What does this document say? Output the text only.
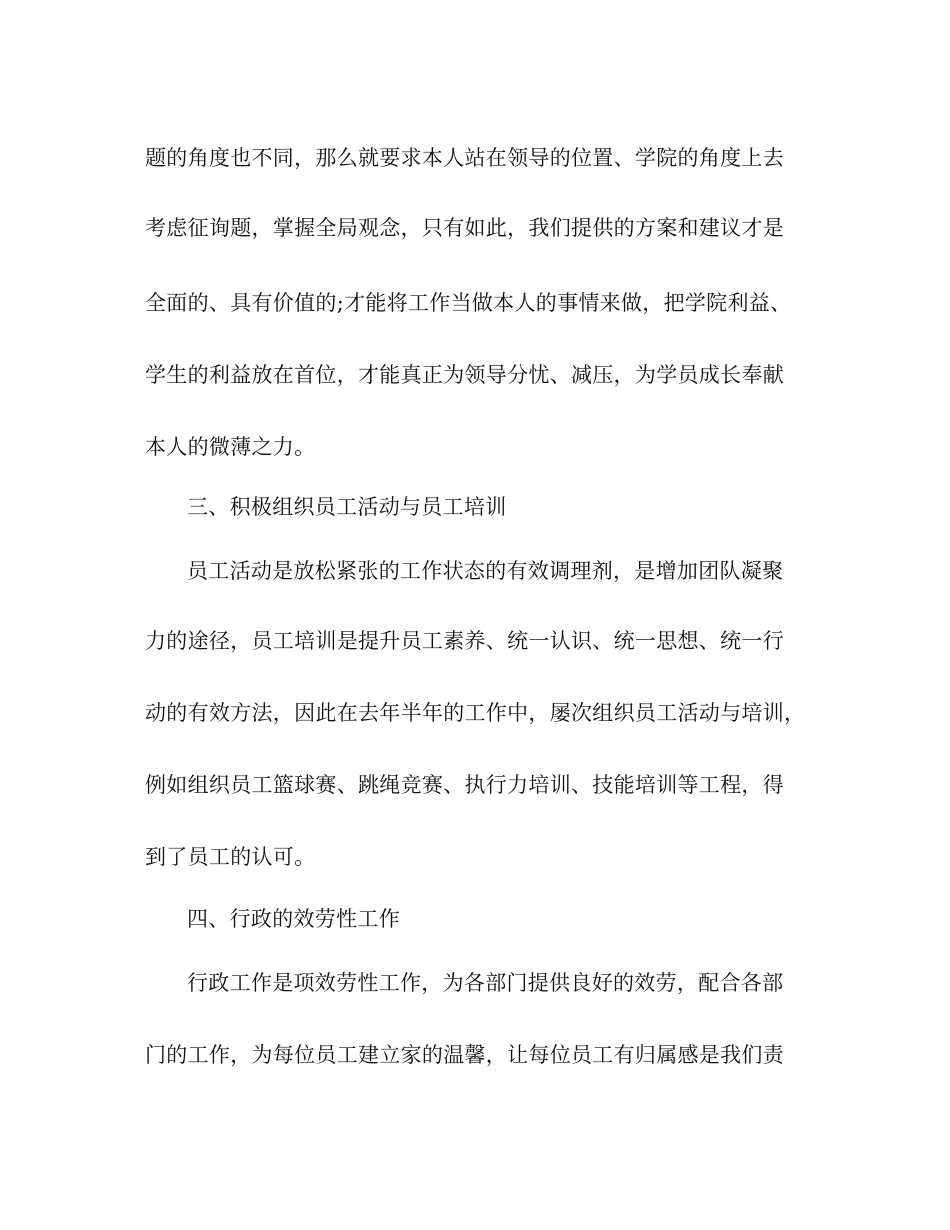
题的角度也不同，那么就要求本人站在领导的位置、学院的角度上去
考虑征询题，掌握全局观念，只有如此，我们提供的方案和建议才是
全面的、具有价值的;才能将工作当做本人的事情来做，把学院利益、
学生的利益放在首位，才能真正为领导分忧、减压，为学员成长奉献
本人的微薄之力。
三、积极组织员工活动与员工培训
员工活动是放松紧张的工作状态的有效调理剂，是增加团队凝聚
力的途径，员工培训是提升员工素养、统一认识、统一思想、统一行
动的有效方法，因此在去年半年的工作中，屡次组织员工活动与培训，
例如组织员工篮球赛、跳绳竞赛、执行力培训、技能培训等工程，得
到了员工的认可。
四、行政的效劳性工作
行政工作是项效劳性工作，为各部门提供良好的效劳，配合各部
门的工作，为每位员工建立家的温馨，让每位员工有归属感是我们责
